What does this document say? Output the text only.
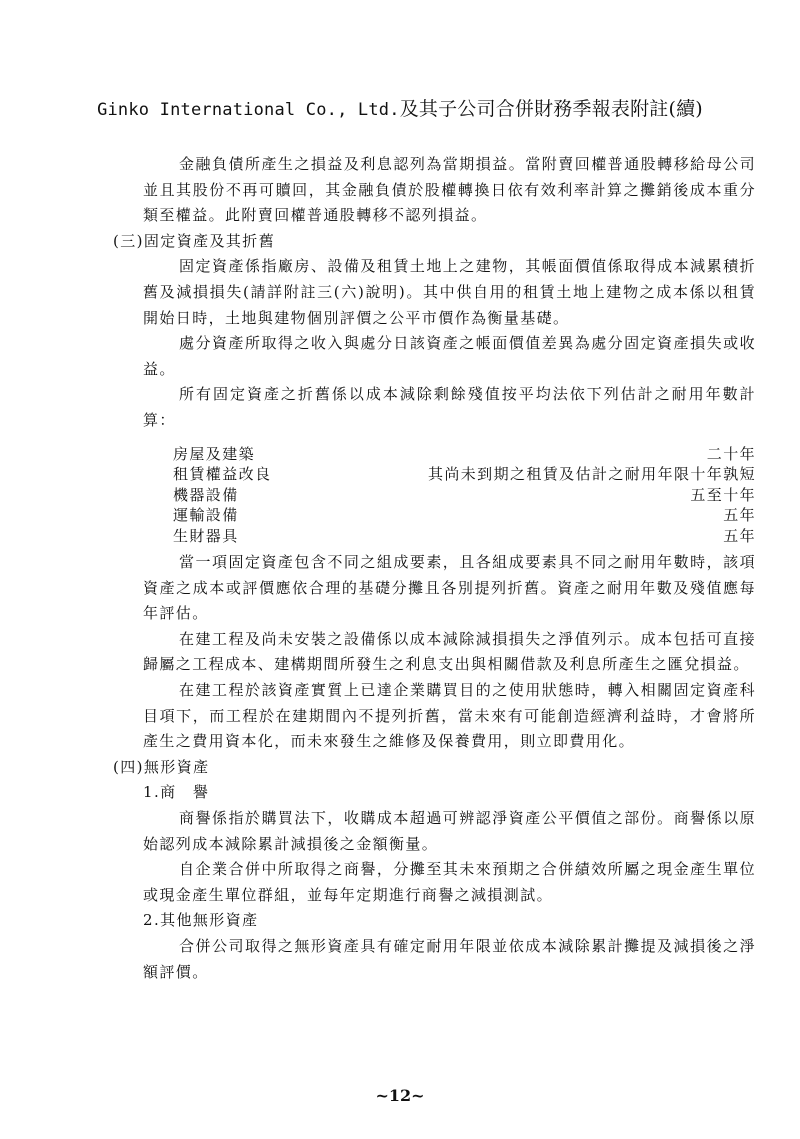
Ginko International Co., Ltd.及其子公司合併財務季報表附註(續)

金融負債所產生之損益及利息認列為當期損益。當附賣回權普通股轉移給母公司並且其股份不再可贖回，其金融負債於股權轉換日依有效利率計算之攤銷後成本重分類至權益。此附賣回權普通股轉移不認列損益。

(三)固定資產及其折舊

固定資產係指廠房、設備及租賃土地上之建物，其帳面價值係取得成本減累積折舊及減損損失(請詳附註三(六)說明)。其中供自用的租賃土地上建物之成本係以租賃開始日時，土地與建物個別評價之公平市價作為衡量基礎。

處分資產所取得之收入與處分日該資產之帳面價值差異為處分固定資產損失或收益。

所有固定資產之折舊係以成本減除剩餘殘值按平均法依下列估計之耐用年數計算：

房屋及建築	二十年
租賃權益改良	其尚未到期之租賃及估計之耐用年限十年孰短
機器設備	五至十年
運輸設備	五年
生財器具	五年

當一項固定資產包含不同之組成要素，且各組成要素具不同之耐用年數時，該項資產之成本或評價應依合理的基礎分攤且各別提列折舊。資產之耐用年數及殘值應每年評估。

在建工程及尚未安裝之設備係以成本減除減損損失之淨值列示。成本包括可直接歸屬之工程成本、建構期間所發生之利息支出與相關借款及利息所產生之匯兌損益。

在建工程於該資產實質上已達企業購買目的之使用狀態時，轉入相關固定資產科目項下，而工程於在建期間內不提列折舊，當未來有可能創造經濟利益時，才會將所產生之費用資本化，而未來發生之維修及保養費用，則立即費用化。

(四)無形資產

1.商　譽

商譽係指於購買法下，收購成本超過可辨認淨資產公平價值之部份。商譽係以原始認列成本減除累計減損後之金額衡量。

自企業合併中所取得之商譽，分攤至其未來預期之合併績效所屬之現金產生單位或現金產生單位群組，並每年定期進行商譽之減損測試。

2.其他無形資產

合併公司取得之無形資產具有確定耐用年限並依成本減除累計攤提及減損後之淨額評價。

~12~
